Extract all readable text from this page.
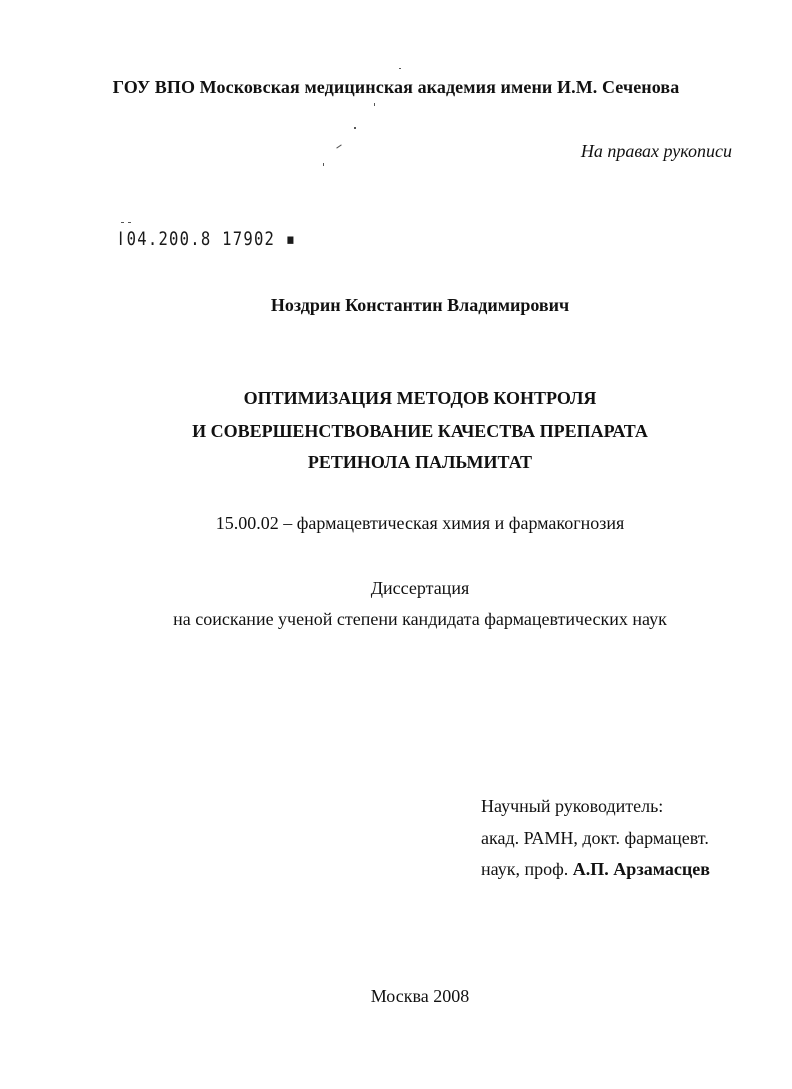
ГОУ ВПО Московская медицинская академия имени И.М. Сеченова
На правах рукописи
ǀ04.200.8 17902 ▪
Ноздрин Константин Владимирович
ОПТИМИЗАЦИЯ МЕТОДОВ КОНТРОЛЯ
И СОВЕРШЕНСТВОВАНИЕ КАЧЕСТВА ПРЕПАРАТА
РЕТИНОЛА ПАЛЬМИТАТ
15.00.02 – фармацевтическая химия и фармакогнозия
Диссертация
на соискание ученой степени кандидата фармацевтических наук
Научный руководитель:
акад. РАМН, докт. фармацевт.
наук, проф. А.П. Арзамасцев
Москва 2008
